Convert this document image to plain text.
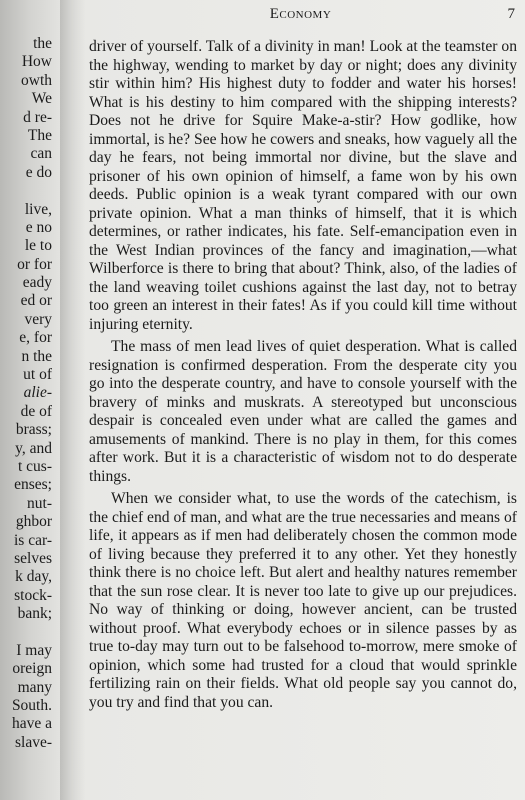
Economy	7
the
How
owth
We
d re-
The
can
e do
live,
e no
le to
or for
eady
ed or
very
e, for
n the
ut of
alie-
de of
brass;
y, and
t cus-
enses;
nut-
ghbor
is car-
selves
k day,
stock-
bank;
I may
oreign
many
South.
have a
slave-

driver of yourself. Talk of a divinity in man! Look at the teamster on the highway, wending to market by day or night; does any divinity stir within him? His highest duty to fodder and water his horses! What is his destiny to him compared with the shipping interests? Does not he drive for Squire Make-a-stir? How godlike, how immortal, is he? See how he cowers and sneaks, how vaguely all the day he fears, not being immortal nor divine, but the slave and prisoner of his own opinion of himself, a fame won by his own deeds. Public opinion is a weak tyrant compared with our own private opinion. What a man thinks of himself, that it is which determines, or rather indicates, his fate. Self-emancipation even in the West Indian provinces of the fancy and imagination,—what Wilberforce is there to bring that about? Think, also, of the ladies of the land weaving toilet cushions against the last day, not to betray too green an interest in their fates! As if you could kill time without injuring eternity.

The mass of men lead lives of quiet desperation. What is called resignation is confirmed desperation. From the desperate city you go into the desperate country, and have to console yourself with the bravery of minks and muskrats. A stereotyped but unconscious despair is concealed even under what are called the games and amusements of mankind. There is no play in them, for this comes after work. But it is a characteristic of wisdom not to do desperate things.

When we consider what, to use the words of the catechism, is the chief end of man, and what are the true necessaries and means of life, it appears as if men had deliberately chosen the common mode of living because they preferred it to any other. Yet they honestly think there is no choice left. But alert and healthy natures remember that the sun rose clear. It is never too late to give up our prejudices. No way of thinking or doing, however ancient, can be trusted without proof. What everybody echoes or in silence passes by as true to-day may turn out to be falsehood to-morrow, mere smoke of opinion, which some had trusted for a cloud that would sprinkle fertilizing rain on their fields. What old people say you cannot do, you try and find that you can.
